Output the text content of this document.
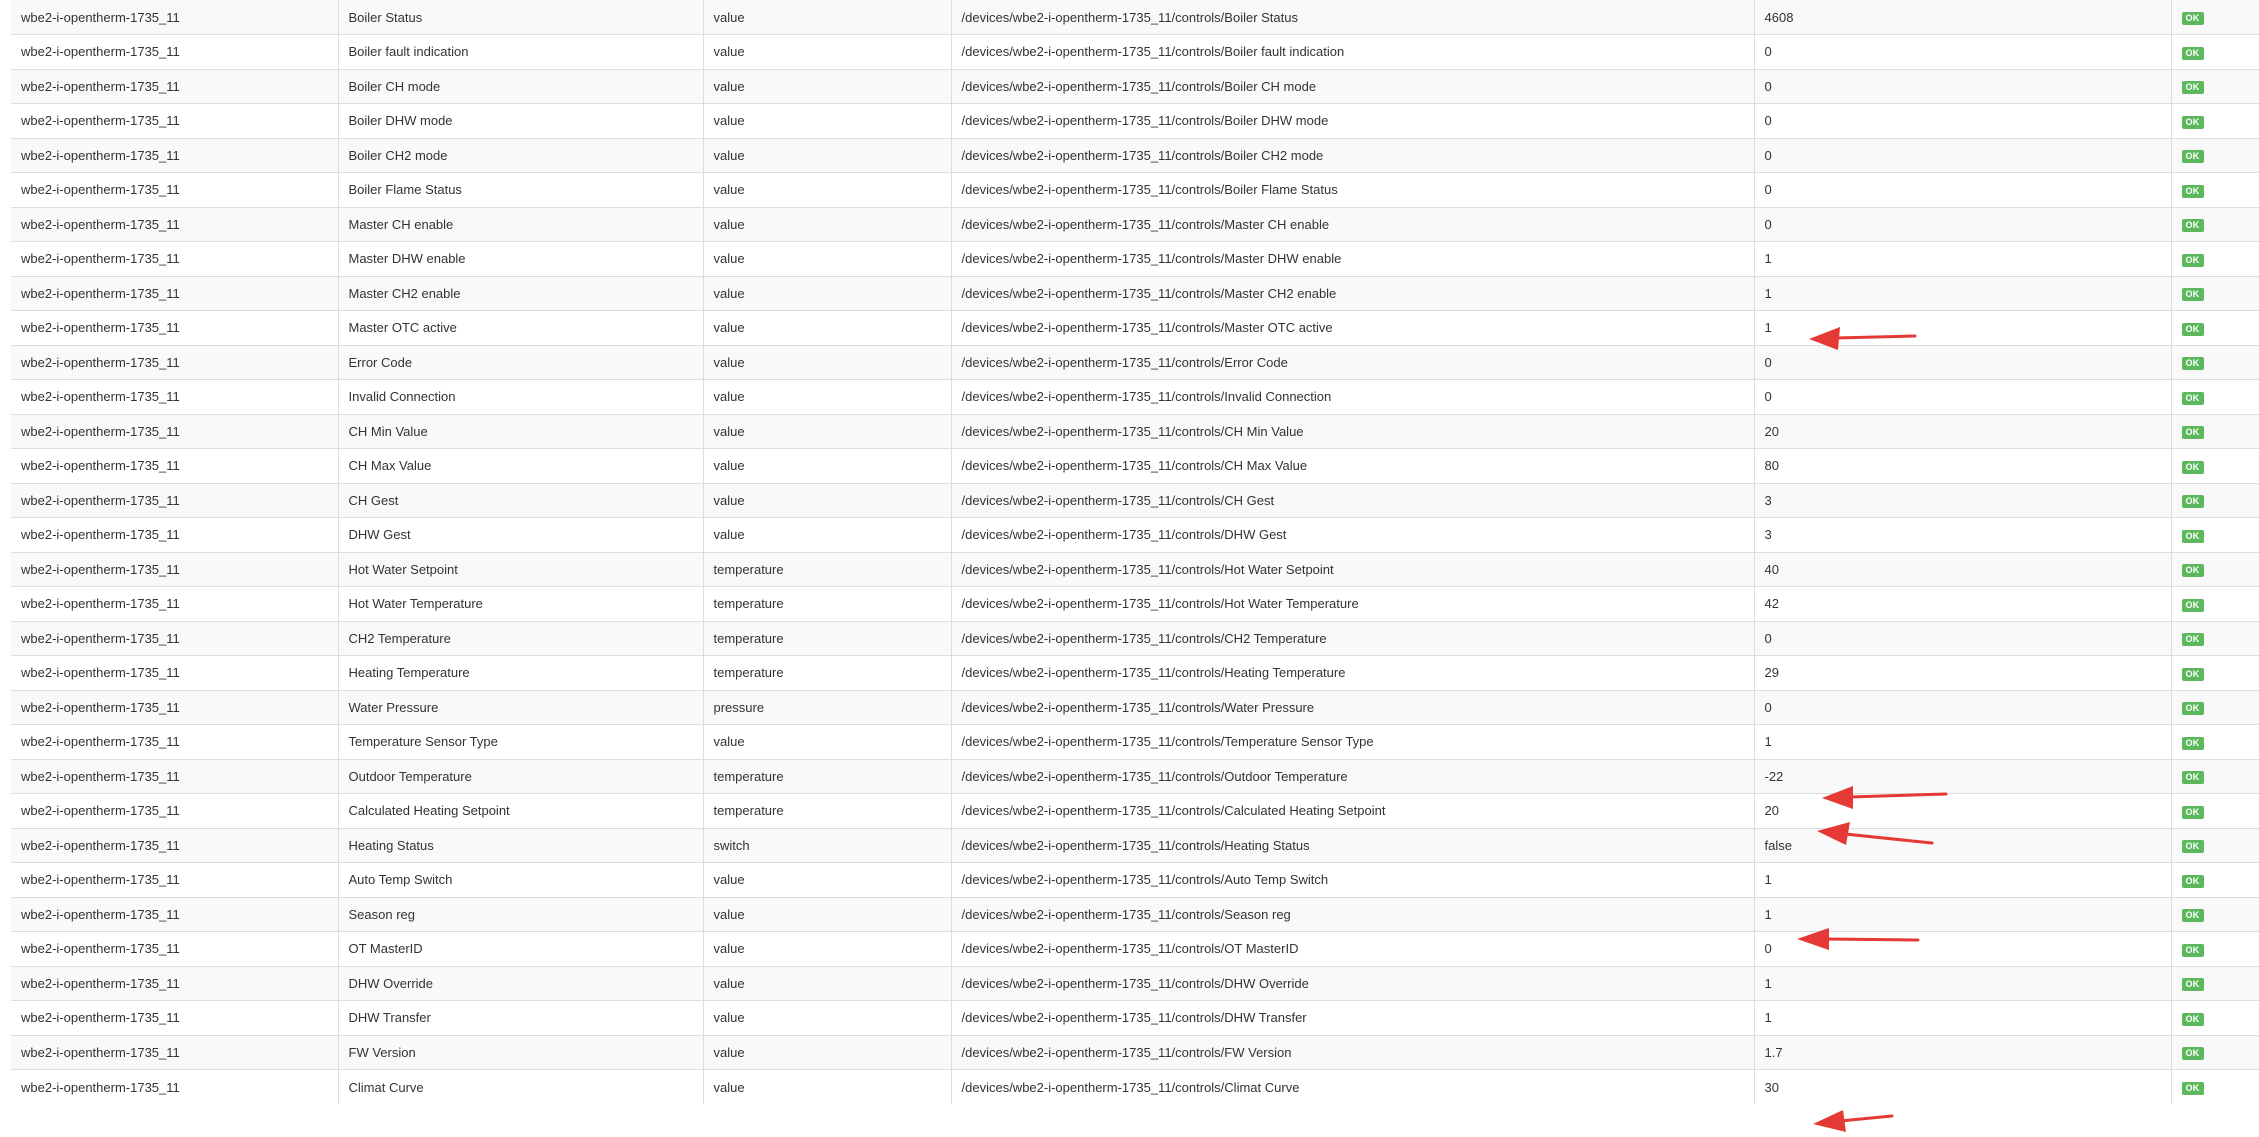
wbe2-i-opentherm-1735_11	Boiler Status	value	/devices/wbe2-i-opentherm-1735_11/controls/Boiler Status	4608	OK
wbe2-i-opentherm-1735_11	Boiler fault indication	value	/devices/wbe2-i-opentherm-1735_11/controls/Boiler fault indication	0	OK
wbe2-i-opentherm-1735_11	Boiler CH mode	value	/devices/wbe2-i-opentherm-1735_11/controls/Boiler CH mode	0	OK
wbe2-i-opentherm-1735_11	Boiler DHW mode	value	/devices/wbe2-i-opentherm-1735_11/controls/Boiler DHW mode	0	OK
wbe2-i-opentherm-1735_11	Boiler CH2 mode	value	/devices/wbe2-i-opentherm-1735_11/controls/Boiler CH2 mode	0	OK
wbe2-i-opentherm-1735_11	Boiler Flame Status	value	/devices/wbe2-i-opentherm-1735_11/controls/Boiler Flame Status	0	OK
wbe2-i-opentherm-1735_11	Master CH enable	value	/devices/wbe2-i-opentherm-1735_11/controls/Master CH enable	0	OK
wbe2-i-opentherm-1735_11	Master DHW enable	value	/devices/wbe2-i-opentherm-1735_11/controls/Master DHW enable	1	OK
wbe2-i-opentherm-1735_11	Master CH2 enable	value	/devices/wbe2-i-opentherm-1735_11/controls/Master CH2 enable	1	OK
wbe2-i-opentherm-1735_11	Master OTC active	value	/devices/wbe2-i-opentherm-1735_11/controls/Master OTC active	1	OK
wbe2-i-opentherm-1735_11	Error Code	value	/devices/wbe2-i-opentherm-1735_11/controls/Error Code	0	OK
wbe2-i-opentherm-1735_11	Invalid Connection	value	/devices/wbe2-i-opentherm-1735_11/controls/Invalid Connection	0	OK
wbe2-i-opentherm-1735_11	CH Min Value	value	/devices/wbe2-i-opentherm-1735_11/controls/CH Min Value	20	OK
wbe2-i-opentherm-1735_11	CH Max Value	value	/devices/wbe2-i-opentherm-1735_11/controls/CH Max Value	80	OK
wbe2-i-opentherm-1735_11	CH Gest	value	/devices/wbe2-i-opentherm-1735_11/controls/CH Gest	3	OK
wbe2-i-opentherm-1735_11	DHW Gest	value	/devices/wbe2-i-opentherm-1735_11/controls/DHW Gest	3	OK
wbe2-i-opentherm-1735_11	Hot Water Setpoint	temperature	/devices/wbe2-i-opentherm-1735_11/controls/Hot Water Setpoint	40	OK
wbe2-i-opentherm-1735_11	Hot Water Temperature	temperature	/devices/wbe2-i-opentherm-1735_11/controls/Hot Water Temperature	42	OK
wbe2-i-opentherm-1735_11	CH2 Temperature	temperature	/devices/wbe2-i-opentherm-1735_11/controls/CH2 Temperature	0	OK
wbe2-i-opentherm-1735_11	Heating Temperature	temperature	/devices/wbe2-i-opentherm-1735_11/controls/Heating Temperature	29	OK
wbe2-i-opentherm-1735_11	Water Pressure	pressure	/devices/wbe2-i-opentherm-1735_11/controls/Water Pressure	0	OK
wbe2-i-opentherm-1735_11	Temperature Sensor Type	value	/devices/wbe2-i-opentherm-1735_11/controls/Temperature Sensor Type	1	OK
wbe2-i-opentherm-1735_11	Outdoor Temperature	temperature	/devices/wbe2-i-opentherm-1735_11/controls/Outdoor Temperature	-22	OK
wbe2-i-opentherm-1735_11	Calculated Heating Setpoint	temperature	/devices/wbe2-i-opentherm-1735_11/controls/Calculated Heating Setpoint	20	OK
wbe2-i-opentherm-1735_11	Heating Status	switch	/devices/wbe2-i-opentherm-1735_11/controls/Heating Status	false	OK
wbe2-i-opentherm-1735_11	Auto Temp Switch	value	/devices/wbe2-i-opentherm-1735_11/controls/Auto Temp Switch	1	OK
wbe2-i-opentherm-1735_11	Season reg	value	/devices/wbe2-i-opentherm-1735_11/controls/Season reg	1	OK
wbe2-i-opentherm-1735_11	OT MasterID	value	/devices/wbe2-i-opentherm-1735_11/controls/OT MasterID	0	OK
wbe2-i-opentherm-1735_11	DHW Override	value	/devices/wbe2-i-opentherm-1735_11/controls/DHW Override	1	OK
wbe2-i-opentherm-1735_11	DHW Transfer	value	/devices/wbe2-i-opentherm-1735_11/controls/DHW Transfer	1	OK
wbe2-i-opentherm-1735_11	FW Version	value	/devices/wbe2-i-opentherm-1735_11/controls/FW Version	1.7	OK
wbe2-i-opentherm-1735_11	Climat Curve	value	/devices/wbe2-i-opentherm-1735_11/controls/Climat Curve	30	OK
